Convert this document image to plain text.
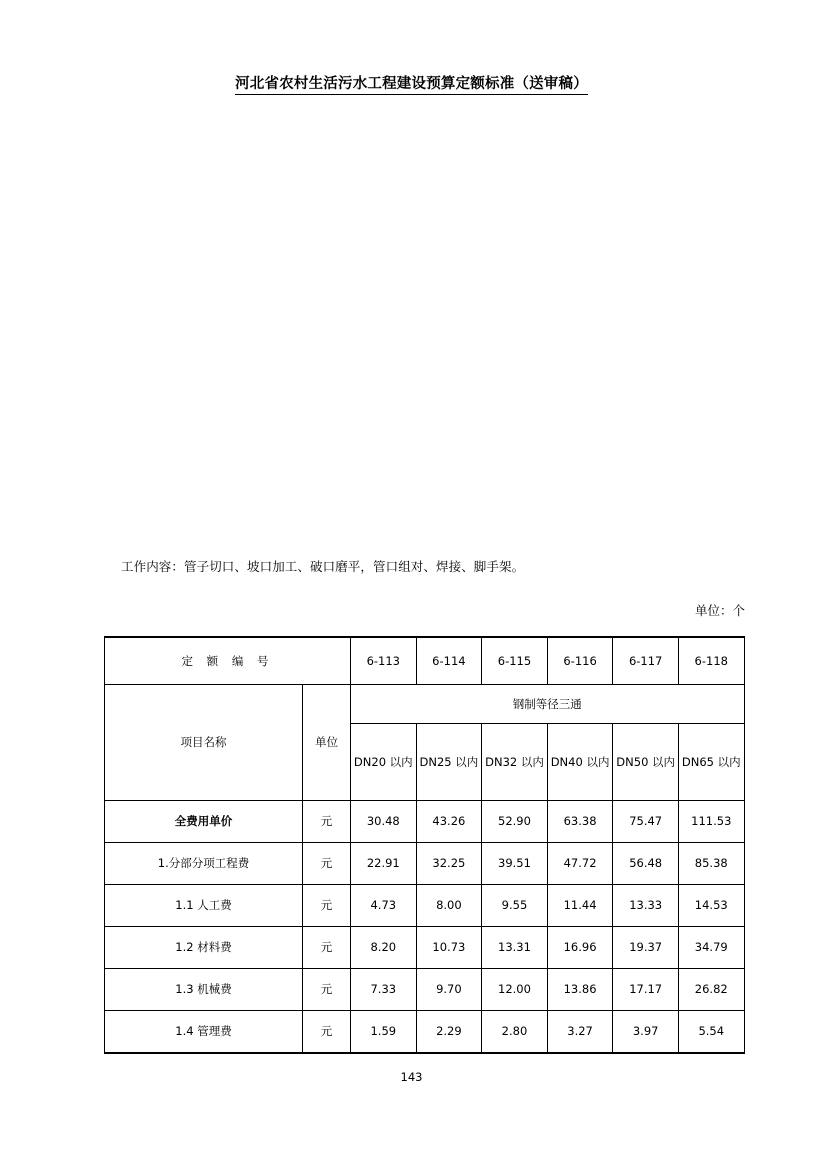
河北省农村生活污水工程建设预算定额标准（送审稿）
工作内容：管子切口、坡口加工、破口磨平，管口组对、焊接、脚手架。
单位：个
定 额 编 号		6-113	6-114	6-115	6-116	6-117	6-118
项目名称	单位	钢制等径三通					
		DN20 以内	DN25 以内	DN32 以内	DN40 以内	DN50 以内	DN65 以内
全费用单价	元	30.48	43.26	52.90	63.38	75.47	111.53
1.分部分项工程费	元	22.91	32.25	39.51	47.72	56.48	85.38
1.1 人工费	元	4.73	8.00	9.55	11.44	13.33	14.53
1.2 材料费	元	8.20	10.73	13.31	16.96	19.37	34.79
1.3 机械费	元	7.33	9.70	12.00	13.86	17.17	26.82
1.4 管理费	元	1.59	2.29	2.80	3.27	3.97	5.54
143
